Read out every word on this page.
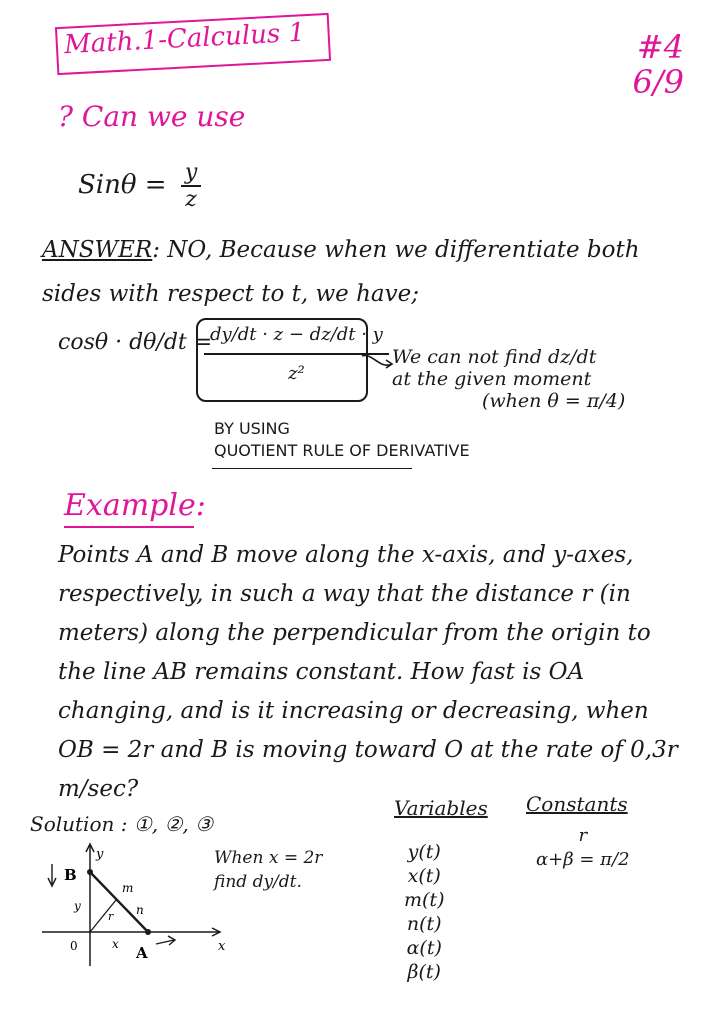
Math.1-Calculus 1	#4
6/9
? Can we use
$Sin\theta = \frac{y}{z}$
ANSWER: NO, Because when we differentiate both
sides with respect to t, we have;
cosθ · dθ/dt =
$\frac{dy/dt \cdot z - dz/dt \cdot y}{\text{z²}}$ We can not find dz/dt
at the given moment
(when θ = π/4)
BY USING
QUOTIENT RULE OF DERIVATIVE
Example:
Points A and B move along the x-axis, and y-axes, respectively, in such a way that the distance r (in meters) along the perpendicular from the origin to the line AB remains constant. How fast is OA changing, and is it increasing or decreasing, when OB = 2r and B is moving toward O at the rate of 0,3r m/sec?
Solution : ①, ②, ③
When x = 2r
find dy/dt.
Variables
y(t)
x(t)
m(t)
n(t)
α(t)
β(t)
Constants
r
α+β = π/2
y
x
0	A
B
m
n
r
y
x
